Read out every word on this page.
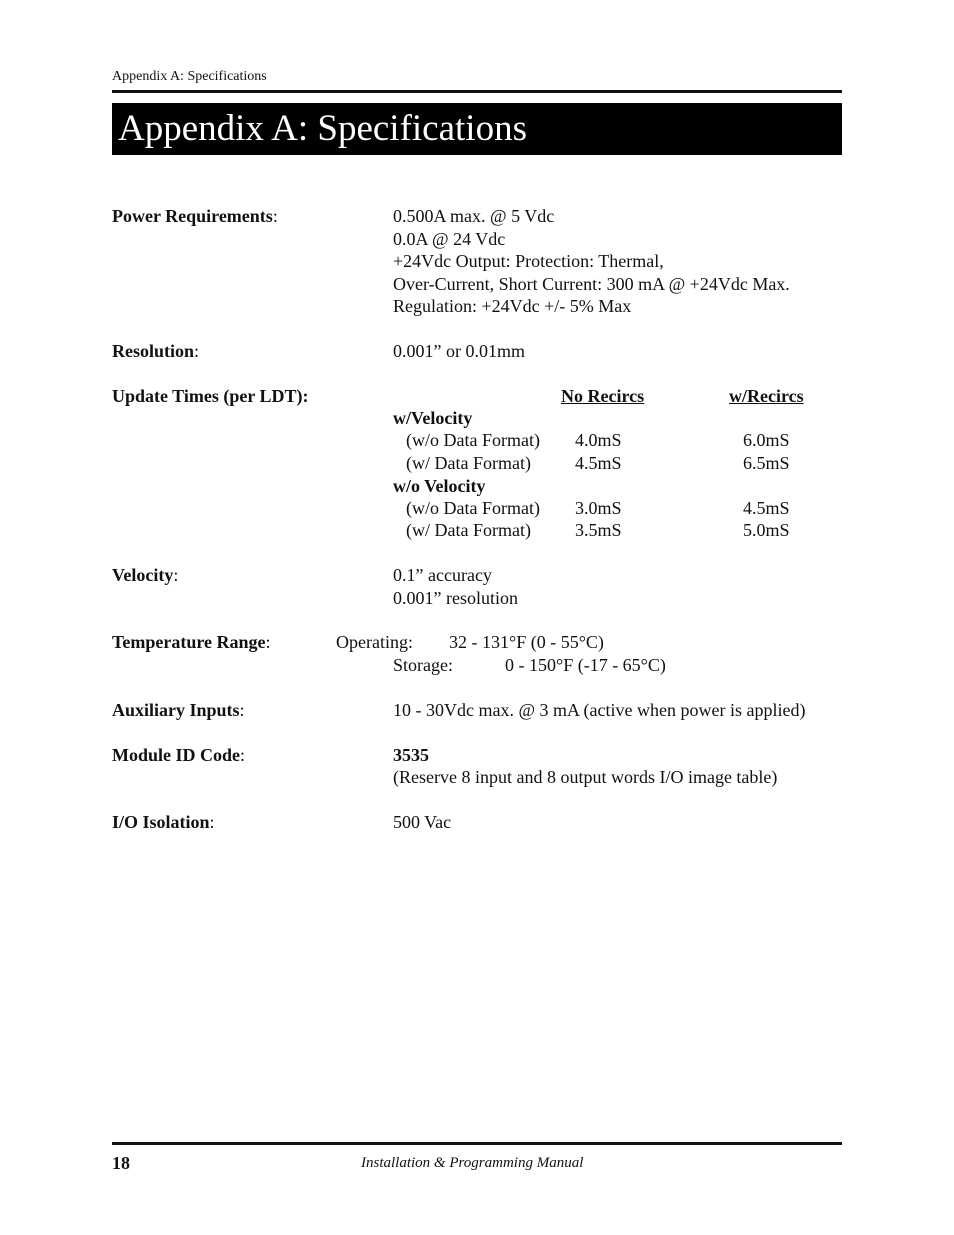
Appendix A: Specifications
Appendix A: Specifications
Power Requirements:	0.500A max. @ 5 Vdc
0.0A @ 24 Vdc
+24Vdc Output: Protection: Thermal,
Over-Current, Short Current: 300 mA @ +24Vdc Max.
Regulation: +24Vdc +/- 5% Max
Resolution:	0.001” or 0.01mm
Update Times (per LDT):	No Recircs	w/Recircs
w/Velocity
(w/o Data Format) 4.0mS	6.0mS
(w/ Data Format) 4.5mS	6.5mS
w/o Velocity
(w/o Data Format) 3.0mS	4.5mS
(w/ Data Format) 3.5mS	5.0mS
Velocity:	0.1” accuracy
0.001” resolution
Temperature Range:	Operating: 32 - 131°F (0 - 55°C)
Storage:	0 - 150°F (-17 - 65°C)
Auxiliary Inputs:	10 - 30Vdc max. @ 3 mA (active when power is applied)
Module ID Code:	3535
(Reserve 8 input and 8 output words I/O image table)
I/O Isolation:	500 Vac
18	Installation & Programming Manual
